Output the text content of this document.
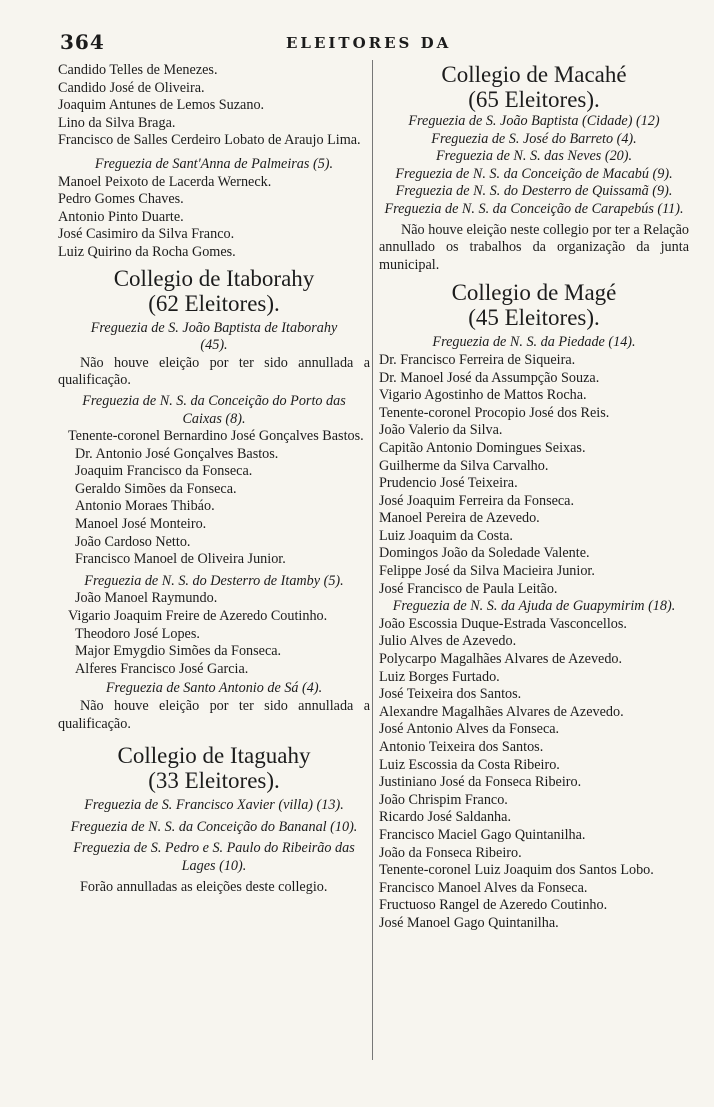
364	ELEITORES DA

Candido Telles de Menezes.

Candido José de Oliveira.

Joaquim Antunes de Lemos Suzano.

Lino da Silva Braga.

Francisco de Salles Cerdeiro Lobato de Araujo Lima.

Freguezia de Sant'Anna de Palmeiras (5).

Manoel Peixoto de Lacerda Werneck.

Pedro Gomes Chaves.

Antonio Pinto Duarte.

José Casimiro da Silva Franco.

Luiz Quirino da Rocha Gomes.

Collegio de Itaborahy

(62 Eleitores).

Freguezia de S. João Baptista de Itaborahy (45).

Não houve eleição por ter sido annullada a qualificação.

Freguezia de N. S. da Conceição do Porto das Caixas (8).

Tenente-coronel Bernardino José Gonçalves Bastos.

Dr. Antonio José Gonçalves Bastos.

Joaquim Francisco da Fonseca.

Geraldo Simões da Fonseca.

Antonio Moraes Thibáo.

Manoel José Monteiro.

João Cardoso Netto.

Francisco Manoel de Oliveira Junior.

Freguezia de N. S. do Desterro de Itamby (5).

João Manoel Raymundo.

Vigario Joaquim Freire de Azeredo Coutinho.

Theodoro José Lopes.

Major Emygdio Simões da Fonseca.

Alferes Francisco José Garcia.

Freguezia de Santo Antonio de Sá (4).

Não houve eleição por ter sido annullada a qualificação.

Collegio de Itaguahy

(33 Eleitores).

Freguezia de S. Francisco Xavier (villa) (13).

Freguezia de N. S. da Conceição do Bananal (10).

Freguezia de S. Pedro e S. Paulo do Ribeirão das Lages (10).

Forão annulladas as eleições deste collegio.

Collegio de Macahé

(65 Eleitores).

Freguezia de S. João Baptista (Cidade) (12)

Freguezia de S. José do Barreto (4).

Freguezia de N. S. das Neves (20).

Freguezia de N. S. da Conceição de Macabú (9).

Freguezia de N. S. do Desterro de Quissamã (9).

Freguezia de N. S. da Conceição de Carapebús (11).

Não houve eleição neste collegio por ter a Relação annullado os trabalhos da organização da junta municipal.

Collegio de Magé

(45 Eleitores).

Freguezia de N. S. da Piedade (14).

Dr. Francisco Ferreira de Siqueira.

Dr. Manoel José da Assumpção Souza.

Vigario Agostinho de Mattos Rocha.

Tenente-coronel Procopio José dos Reis.

João Valerio da Silva.

Capitão Antonio Domingues Seixas.

Guilherme da Silva Carvalho.

Prudencio José Teixeira.

José Joaquim Ferreira da Fonseca.

Manoel Pereira de Azevedo.

Luiz Joaquim da Costa.

Domingos João da Soledade Valente.

Felippe José da Silva Macieira Junior.

José Francisco de Paula Leitão.

Freguezia de N. S. da Ajuda de Guapymirim (18).

João Escossia Duque-Estrada Vasconcellos.

Julio Alves de Azevedo.

Polycarpo Magalhães Alvares de Azevedo.

Luiz Borges Furtado.

José Teixeira dos Santos.

Alexandre Magalhães Alvares de Azevedo.

José Antonio Alves da Fonseca.

Antonio Teixeira dos Santos.

Luiz Escossia da Costa Ribeiro.

Justiniano José da Fonseca Ribeiro.

João Chrispim Franco.

Ricardo José Saldanha.

Francisco Maciel Gago Quintanilha.

João da Fonseca Ribeiro.

Tenente-coronel Luiz Joaquim dos Santos Lobo.

Francisco Manoel Alves da Fonseca.

Fructuoso Rangel de Azeredo Coutinho.

José Manoel Gago Quintanilha.
